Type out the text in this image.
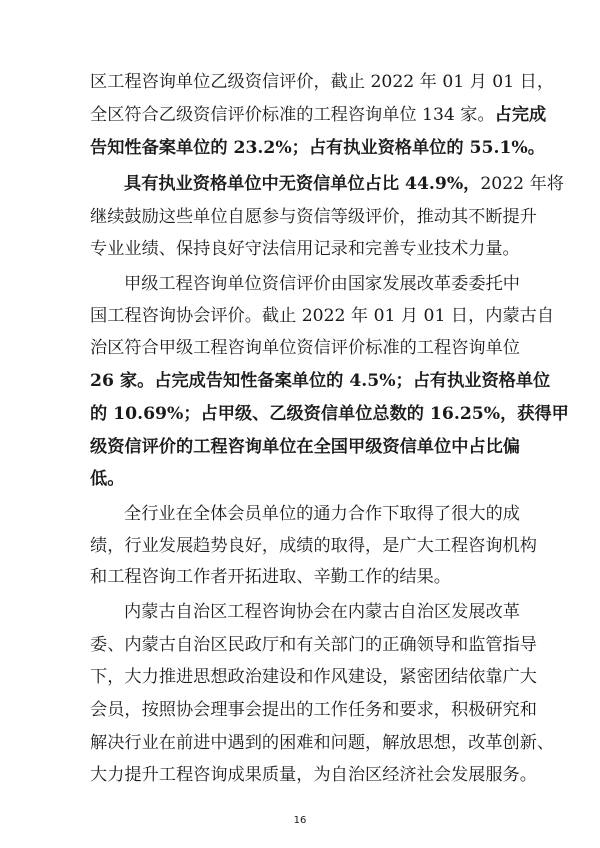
区工程咨询单位乙级资信评价，截止 2022 年 01 月 01 日，
全区符合乙级资信评价标准的工程咨询单位 134 家。占完成
告知性备案单位的 23.2%；占有执业资格单位的 55.1%。
具有执业资格单位中无资信单位占比 44.9%，2022 年将
继续鼓励这些单位自愿参与资信等级评价，推动其不断提升
专业业绩、保持良好守法信用记录和完善专业技术力量。
甲级工程咨询单位资信评价由国家发展改革委委托中
国工程咨询协会评价。截止 2022 年 01 月 01 日，内蒙古自
治区符合甲级工程咨询单位资信评价标准的工程咨询单位
26 家。占完成告知性备案单位的 4.5%；占有执业资格单位
的 10.69%；占甲级、乙级资信单位总数的 16.25%，获得甲
级资信评价的工程咨询单位在全国甲级资信单位中占比偏
低。
全行业在全体会员单位的通力合作下取得了很大的成
绩，行业发展趋势良好，成绩的取得，是广大工程咨询机构
和工程咨询工作者开拓进取、辛勤工作的结果。
内蒙古自治区工程咨询协会在内蒙古自治区发展改革
委、内蒙古自治区民政厅和有关部门的正确领导和监管指导
下，大力推进思想政治建设和作风建设，紧密团结依靠广大
会员，按照协会理事会提出的工作任务和要求，积极研究和
解决行业在前进中遇到的困难和问题，解放思想，改革创新、
大力提升工程咨询成果质量，为自治区经济社会发展服务。
16
